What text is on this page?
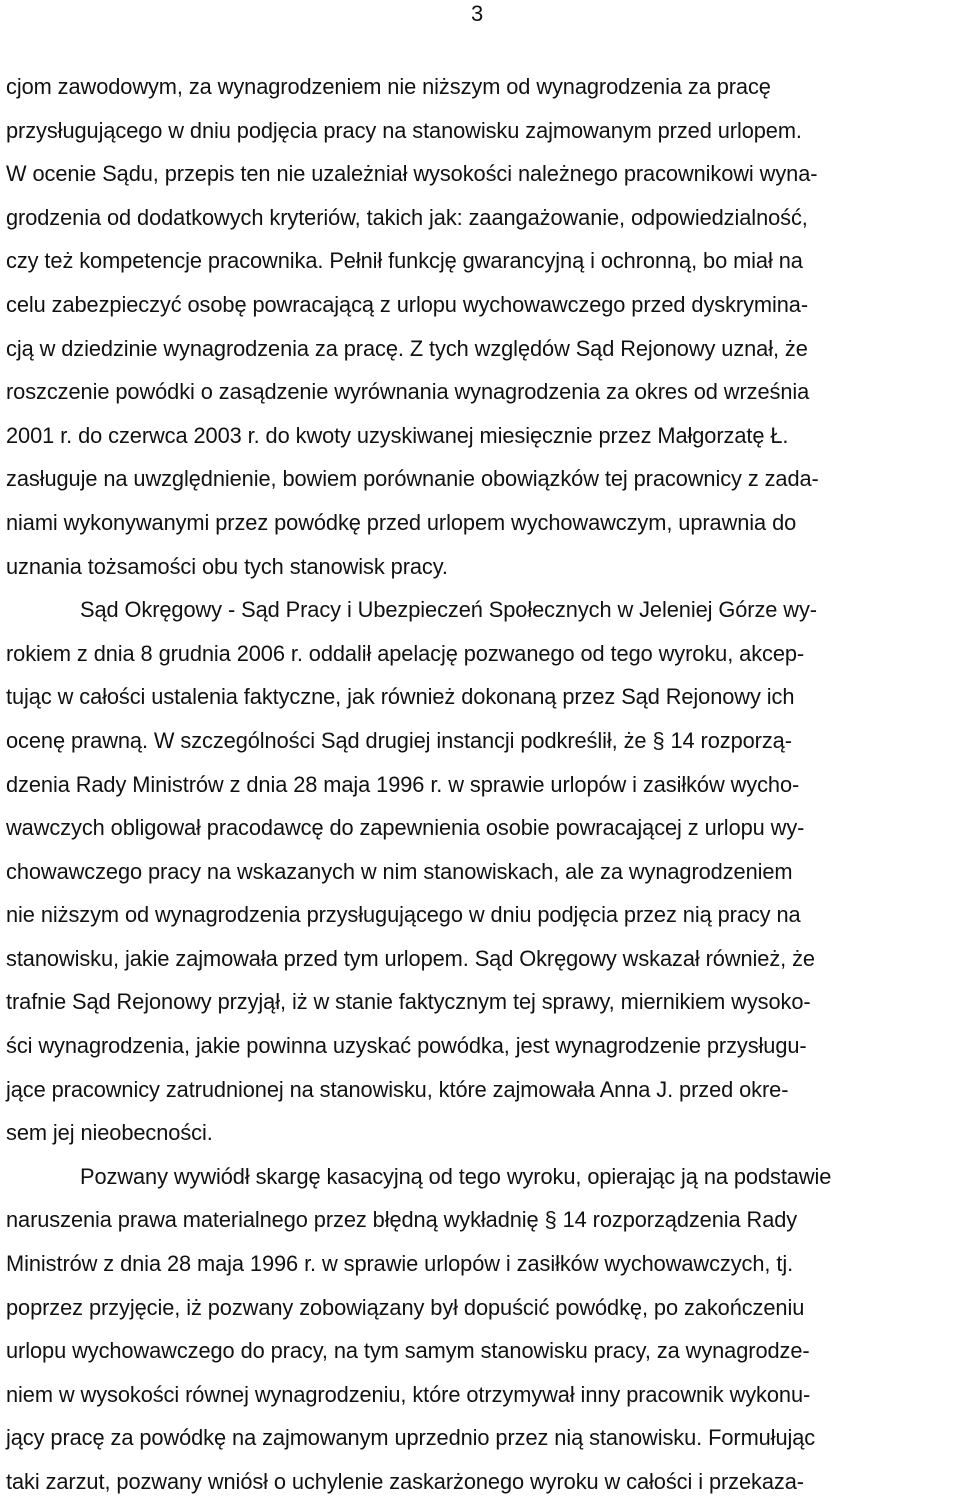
3
cjom zawodowym, za wynagrodzeniem nie niższym od wynagrodzenia za pracę
przysługującego w dniu podjęcia pracy na stanowisku zajmowanym przed urlopem.
W ocenie Sądu, przepis ten nie uzależniał wysokości należnego pracownikowi wyna-
grodzenia od dodatkowych kryteriów, takich jak: zaangażowanie, odpowiedzialność,
czy też kompetencje pracownika. Pełnił funkcję gwarancyjną i ochronną, bo miał na
celu zabezpieczyć osobę powracającą z urlopu wychowawczego przed dyskrymina-
cją w dziedzinie wynagrodzenia za pracę. Z tych względów Sąd Rejonowy uznał, że
roszczenie powódki o zasądzenie wyrównania wynagrodzenia za okres od września
2001 r. do czerwca 2003 r. do kwoty uzyskiwanej miesięcznie przez Małgorzatę Ł.
zasługuje na uwzględnienie, bowiem porównanie obowiązków tej pracownicy z zada-
niami wykonywanymi przez powódkę przed urlopem wychowawczym, uprawnia do
uznania tożsamości obu tych stanowisk pracy.
Sąd Okręgowy - Sąd Pracy i Ubezpieczeń Społecznych w Jeleniej Górze wy-
rokiem z dnia 8 grudnia 2006 r. oddalił apelację pozwanego od tego wyroku, akcep-
tując w całości ustalenia faktyczne, jak również dokonaną przez Sąd Rejonowy ich
ocenę prawną. W szczególności Sąd drugiej instancji podkreślił, że § 14 rozporzą-
dzenia Rady Ministrów z dnia 28 maja 1996 r. w sprawie urlopów i zasiłków wycho-
wawczych obligował pracodawcę do zapewnienia osobie powracającej z urlopu wy-
chowawczego pracy na wskazanych w nim stanowiskach, ale za wynagrodzeniem
nie niższym od wynagrodzenia przysługującego w dniu podjęcia przez nią pracy na
stanowisku, jakie zajmowała przed tym urlopem. Sąd Okręgowy wskazał również, że
trafnie Sąd Rejonowy przyjął, iż w stanie faktycznym tej sprawy, miernikiem wysoko-
ści wynagrodzenia, jakie powinna uzyskać powódka, jest wynagrodzenie przysługu-
jące pracownicy zatrudnionej na stanowisku, które zajmowała Anna J. przed okre-
sem jej nieobecności.
Pozwany wywiódł skargę kasacyjną od tego wyroku, opierając ją na podstawie
naruszenia prawa materialnego przez błędną wykładnię § 14 rozporządzenia Rady
Ministrów z dnia 28 maja 1996 r. w sprawie urlopów i zasiłków wychowawczych, tj.
poprzez przyjęcie, iż pozwany zobowiązany był dopuścić powódkę, po zakończeniu
urlopu wychowawczego do pracy, na tym samym stanowisku pracy, za wynagrodze-
niem w wysokości równej wynagrodzeniu, które otrzymywał inny pracownik wykonu-
jący pracę za powódkę na zajmowanym uprzednio przez nią stanowisku. Formułując
taki zarzut, pozwany wniósł o uchylenie zaskarżonego wyroku w całości i przekaza-
